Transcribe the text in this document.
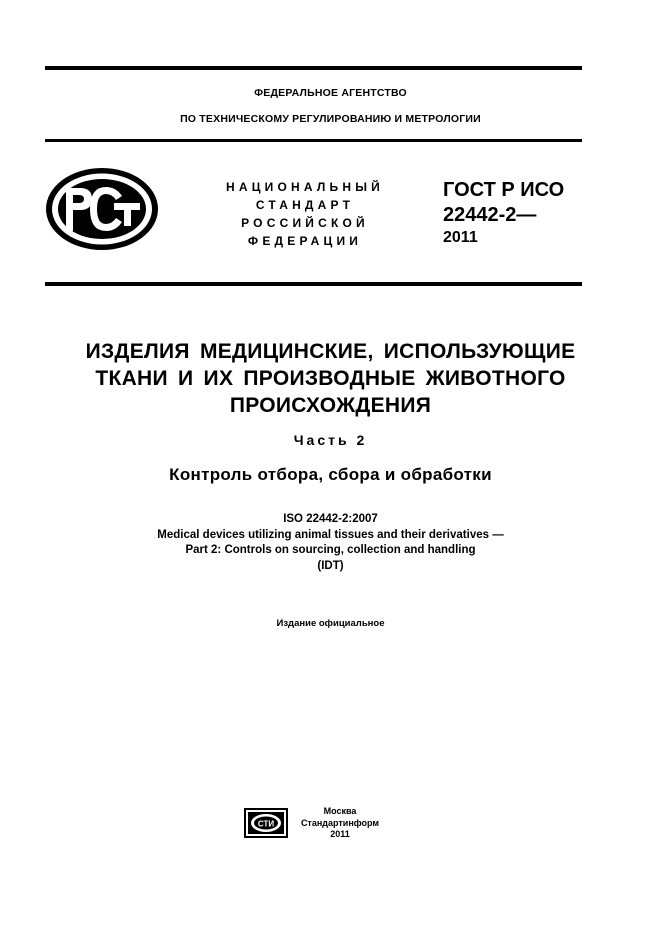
ФЕДЕРАЛЬНОЕ АГЕНТСТВО
ПО ТЕХНИЧЕСКОМУ РЕГУЛИРОВАНИЮ И МЕТРОЛОГИИ
НАЦИОНАЛЬНЫЙ
СТАНДАРТ
РОССИЙСКОЙ
ФЕДЕРАЦИИ
ГОСТ Р ИСО
22442-2—
2011
ИЗДЕЛИЯ МЕДИЦИНСКИЕ, ИСПОЛЬЗУЮЩИЕ
ТКАНИ И ИХ ПРОИЗВОДНЫЕ ЖИВОТНОГО
ПРОИСХОЖДЕНИЯ
Часть 2
Контроль отбора, сбора и обработки
ISO 22442-2:2007
Medical devices utilizing animal tissues and their derivatives —
Part 2: Controls on sourcing, collection and handling
(IDT)
Издание официальное
СТИ
Москва
Стандартинформ
2011
